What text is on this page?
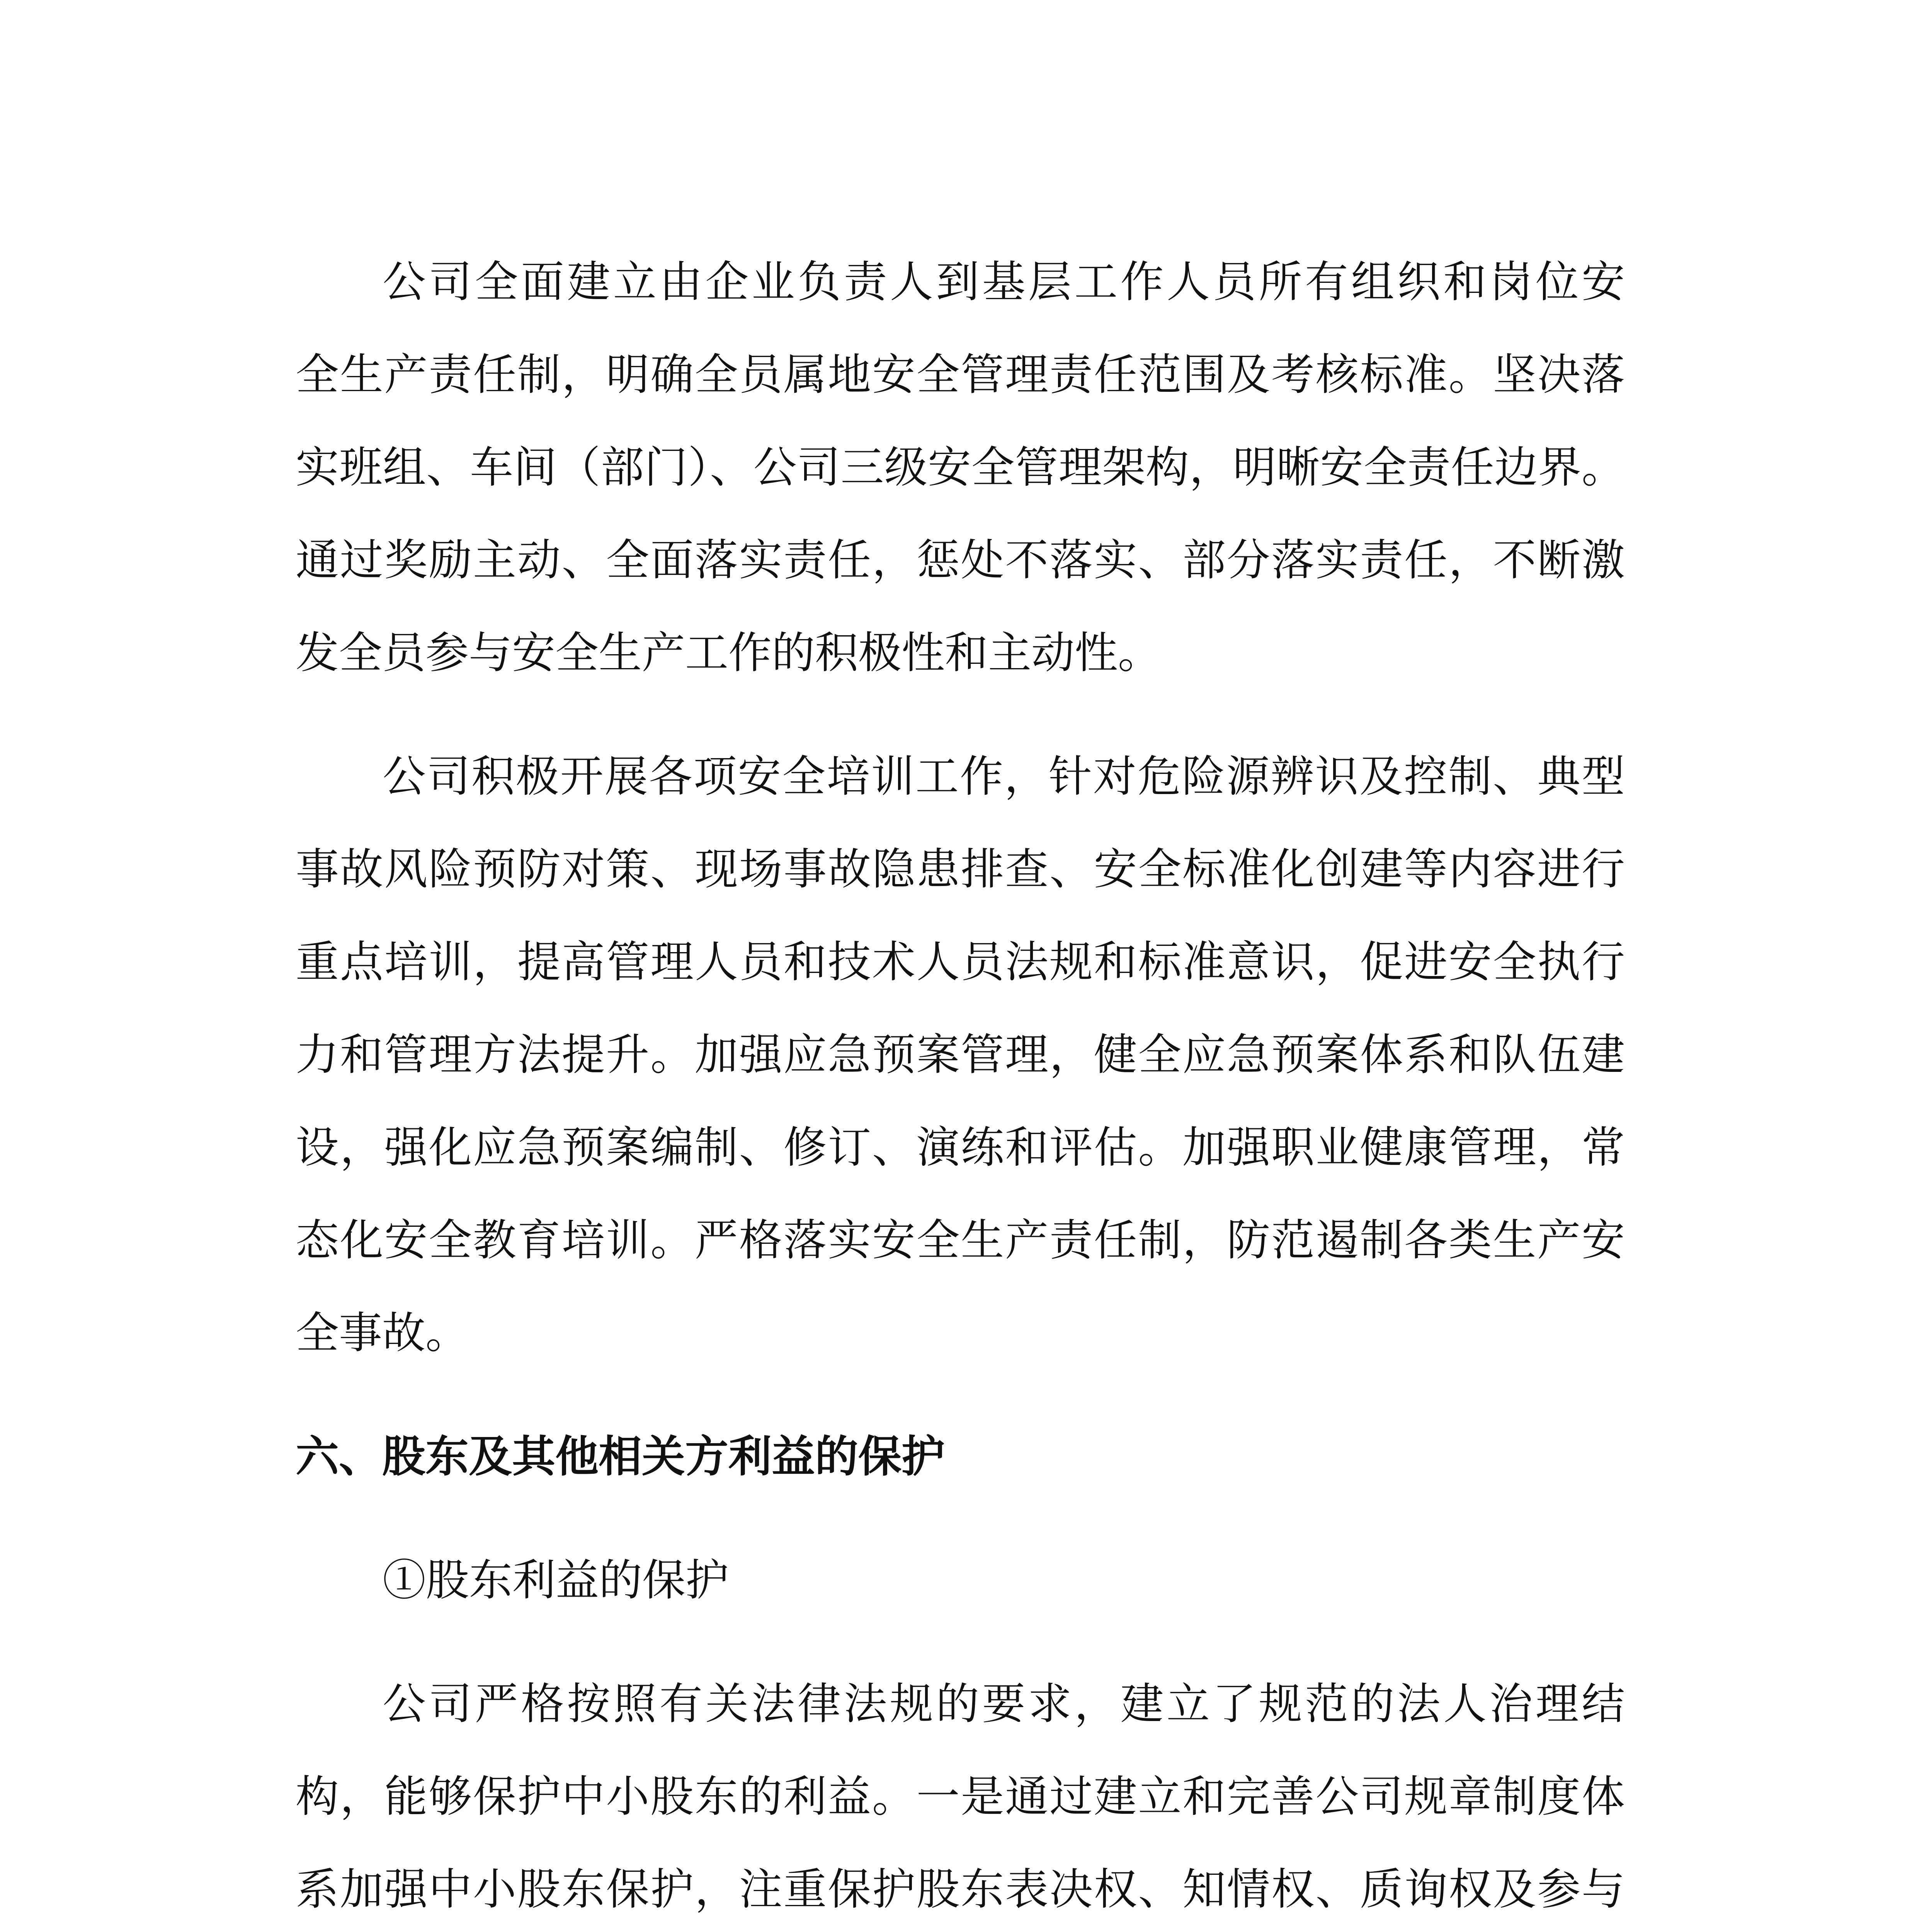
公司全面建立由企业负责人到基层工作人员所有组织和岗位安
全生产责任制，明确全员属地安全管理责任范围及考核标准。坚决落
实班组、车间（部门）、公司三级安全管理架构，明晰安全责任边界。
通过奖励主动、全面落实责任，惩处不落实、部分落实责任，不断激
发全员参与安全生产工作的积极性和主动性。
公司积极开展各项安全培训工作，针对危险源辨识及控制、典型
事故风险预防对策、现场事故隐患排查、安全标准化创建等内容进行
重点培训，提高管理人员和技术人员法规和标准意识，促进安全执行
力和管理方法提升。加强应急预案管理，健全应急预案体系和队伍建
设，强化应急预案编制、修订、演练和评估。加强职业健康管理，常
态化安全教育培训。严格落实安全生产责任制，防范遏制各类生产安
全事故。
六、股东及其他相关方利益的保护
①股东利益的保护
公司严格按照有关法律法规的要求，建立了规范的法人治理结
构，能够保护中小股东的利益。一是通过建立和完善公司规章制度体
系加强中小股东保护，注重保护股东表决权、知情权、质询权及参与
